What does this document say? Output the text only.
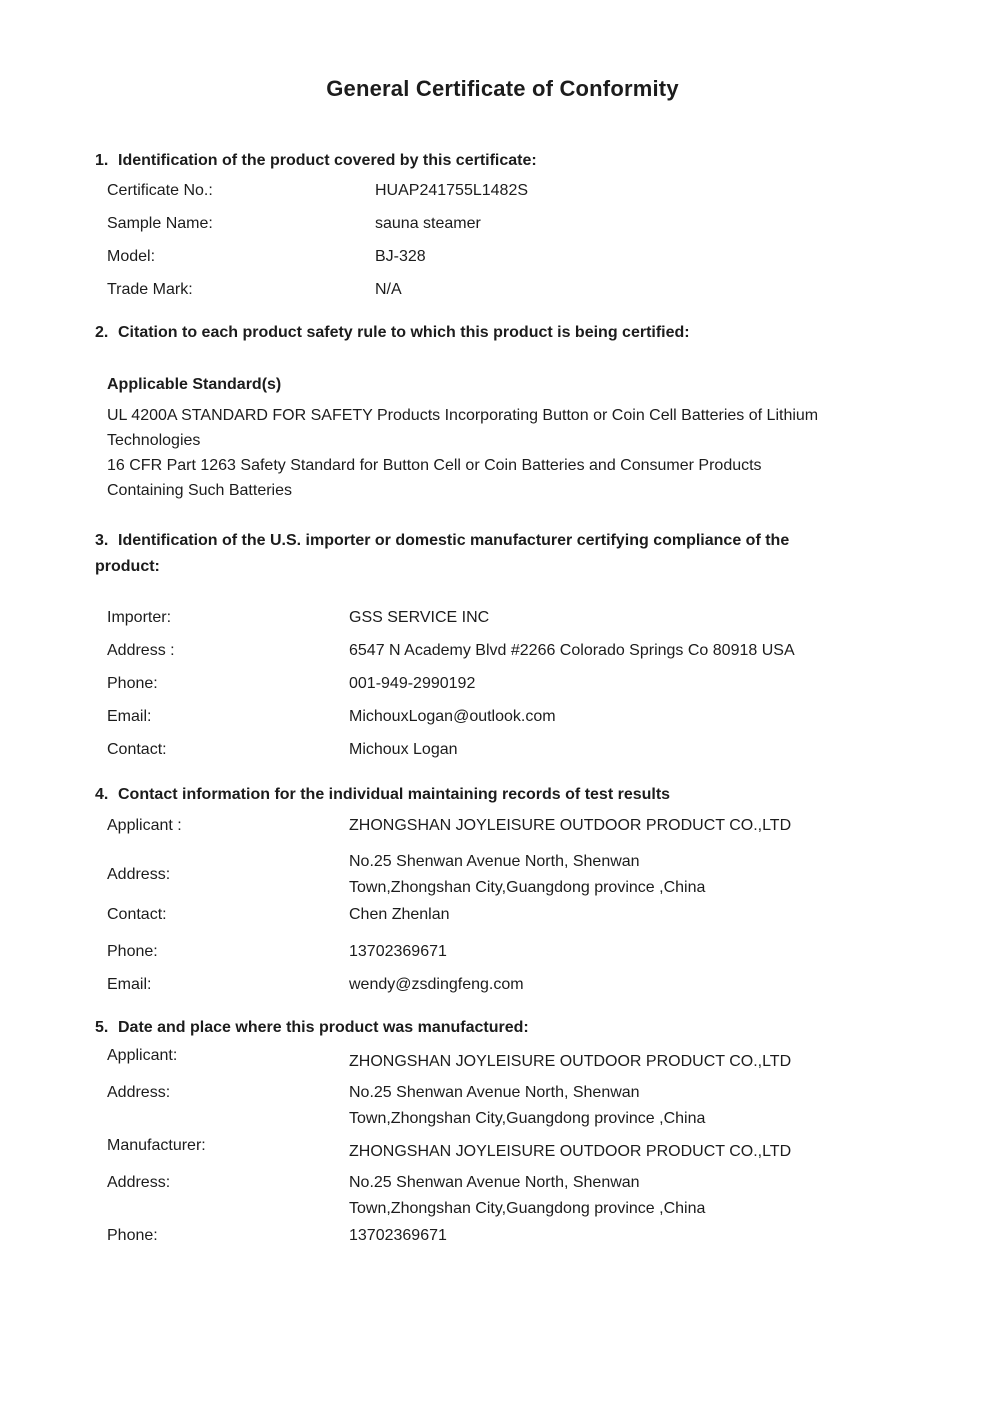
General Certificate of Conformity
1. Identification of the product covered by this certificate:
Certificate No.:	HUAP241755L1482S
Sample Name:	sauna steamer
Model:	BJ-328
Trade Mark:	N/A
2. Citation to each product safety rule to which this product is being certified:
Applicable Standard(s)
UL 4200A STANDARD FOR SAFETY Products Incorporating Button or Coin Cell Batteries of Lithium
Technologies
16 CFR Part 1263 Safety Standard for Button Cell or Coin Batteries and Consumer Products
Containing Such Batteries
3. Identification of the U.S. importer or domestic manufacturer certifying compliance of the
product:
Importer:	GSS SERVICE INC
Address :	6547 N Academy Blvd #2266 Colorado Springs Co 80918 USA
Phone:	001-949-2990192
Email:	MichouxLogan@outlook.com
Contact:	Michoux Logan
4. Contact information for the individual maintaining records of test results
Applicant :	ZHONGSHAN JOYLEISURE OUTDOOR PRODUCT CO.,LTD
Address:
No.25 Shenwan Avenue North, Shenwan
Town,Zhongshan City,Guangdong province ,China
Contact:	Chen Zhenlan
Phone:	13702369671
Email:	wendy@zsdingfeng.com
5. Date and place where this product was manufactured:
Applicant:	ZHONGSHAN JOYLEISURE OUTDOOR PRODUCT CO.,LTD
Address:	No.25 Shenwan Avenue North, Shenwan
Town,Zhongshan City,Guangdong province ,China
Manufacturer:	ZHONGSHAN JOYLEISURE OUTDOOR PRODUCT CO.,LTD
Address:	No.25 Shenwan Avenue North, Shenwan
Town,Zhongshan City,Guangdong province ,China
Phone:	13702369671
